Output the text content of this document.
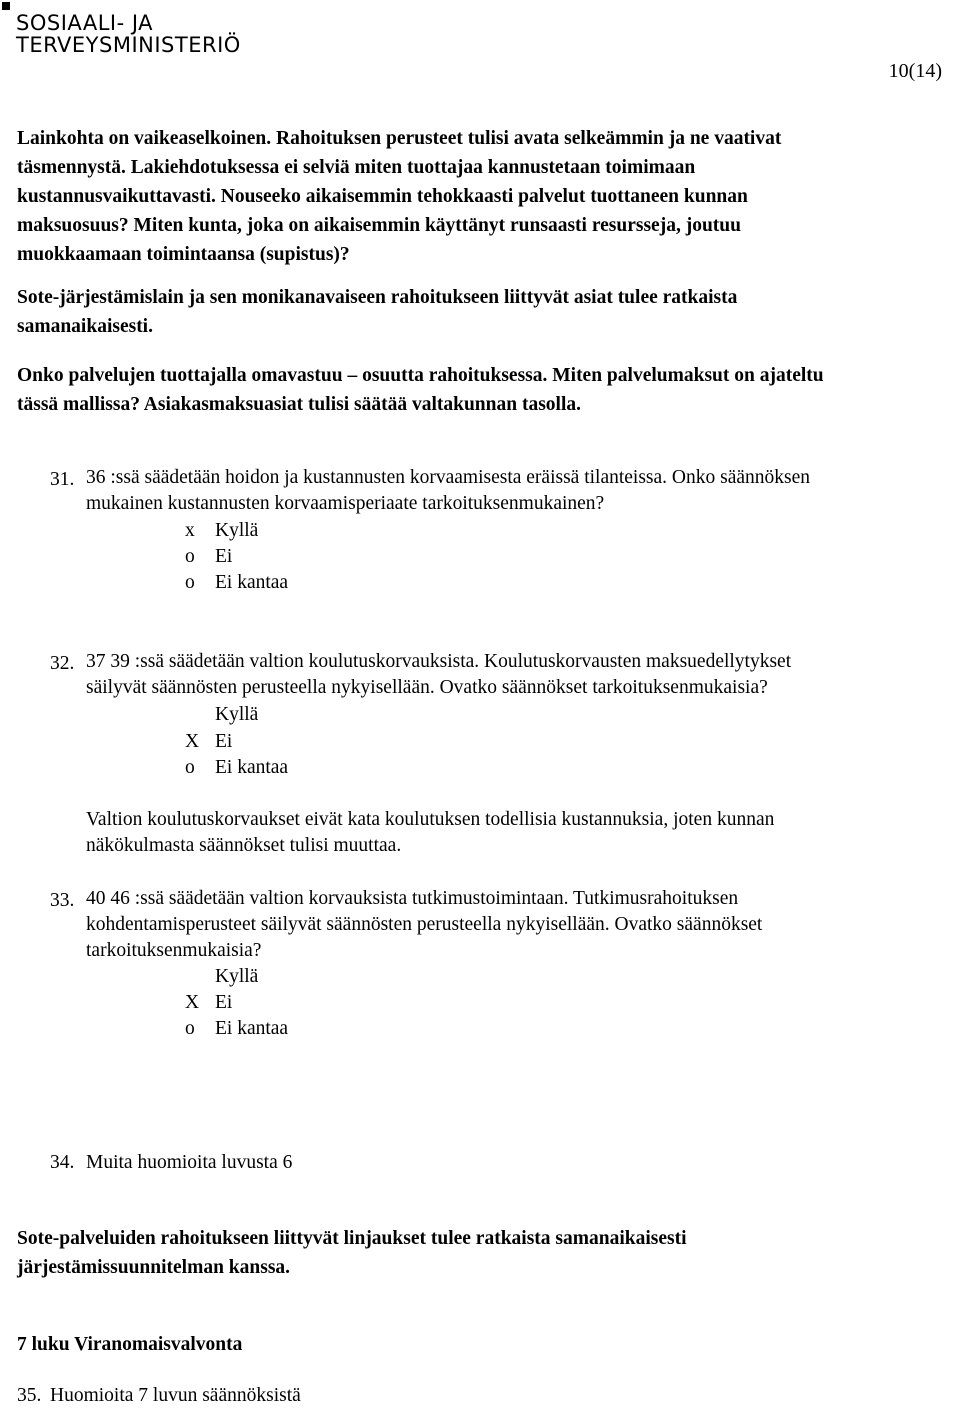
SOSIAALI- JA
TERVEYSMINISTERIÖ
10(14)
Lainkohta on vaikeaselkoinen. Rahoituksen perusteet tulisi avata selkeämmin ja ne vaativat
täsmennystä. Lakiehdotuksessa ei selviä miten tuottajaa kannustetaan toimimaan
kustannusvaikuttavasti. Nouseeko aikaisemmin tehokkaasti palvelut tuottaneen kunnan
maksuosuus? Miten kunta, joka on aikaisemmin käyttänyt runsaasti resursseja, joutuu
muokkaamaan toimintaansa (supistus)?
Sote-järjestämislain ja sen monikanavaiseen rahoitukseen liittyvät asiat tulee ratkaista
samanaikaisesti.
Onko palvelujen tuottajalla omavastuu – osuutta rahoituksessa. Miten palvelumaksut on ajateltu
tässä mallissa? Asiakasmaksuasiat tulisi säätää valtakunnan tasolla.
31. 36 :ssä säädetään hoidon ja kustannusten korvaamisesta eräissä tilanteissa. Onko säännöksen
mukainen kustannusten korvaamisperiaate tarkoituksenmukainen?
x Kyllä
o Ei
o Ei kantaa
32. 37 39 :ssä säädetään valtion koulutuskorvauksista. Koulutuskorvausten maksuedellytykset
säilyvät säännösten perusteella nykyisellään. Ovatko säännökset tarkoituksenmukaisia?
Kyllä
X Ei
o Ei kantaa
Valtion koulutuskorvaukset eivät kata koulutuksen todellisia kustannuksia, joten kunnan
näkökulmasta säännökset tulisi muuttaa.
33. 40 46 :ssä säädetään valtion korvauksista tutkimustoimintaan. Tutkimusrahoituksen
kohdentamisperusteet säilyvät säännösten perusteella nykyisellään. Ovatko säännökset
tarkoituksenmukaisia?
Kyllä
X Ei
o Ei kantaa
34. Muita huomioita luvusta 6
Sote-palveluiden rahoitukseen liittyvät linjaukset tulee ratkaista samanaikaisesti
järjestämissuunnitelman kanssa.
7 luku Viranomaisvalvonta
35. Huomioita 7 luvun säännöksistä
